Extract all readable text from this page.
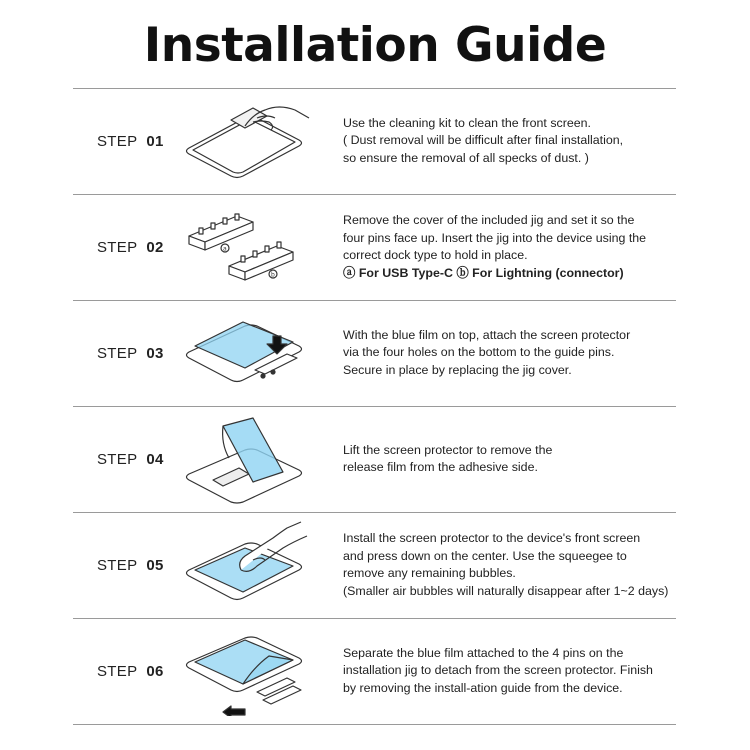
Installation Guide
STEP 01
Use the cleaning kit to clean the front screen.
( Dust removal will be difficult after final installation,
so ensure the removal of all specks of dust. )
STEP 02	a
b
Remove the cover of the included jig and set it so the
four pins face up. Insert the jig into the device using the
correct dock type to hold in place.
ⓐ For USB Type-C ⓑ For Lightning (connector)
STEP 03
With the blue film on top, attach the screen protector
via the four holes on the bottom to the guide pins.
Secure in place by replacing the jig cover.
STEP 04
Lift the screen protector to remove the
release film from the adhesive side.
STEP 05
Install the screen protector to the device's front screen
and press down on the center. Use the squeegee to
remove any remaining bubbles.
(Smaller air bubbles will naturally disappear after 1~2 days)
STEP 06
Separate the blue film attached to the 4 pins on the
installation jig to detach from the screen protector. Finish
by removing the install-ation guide from the device.
